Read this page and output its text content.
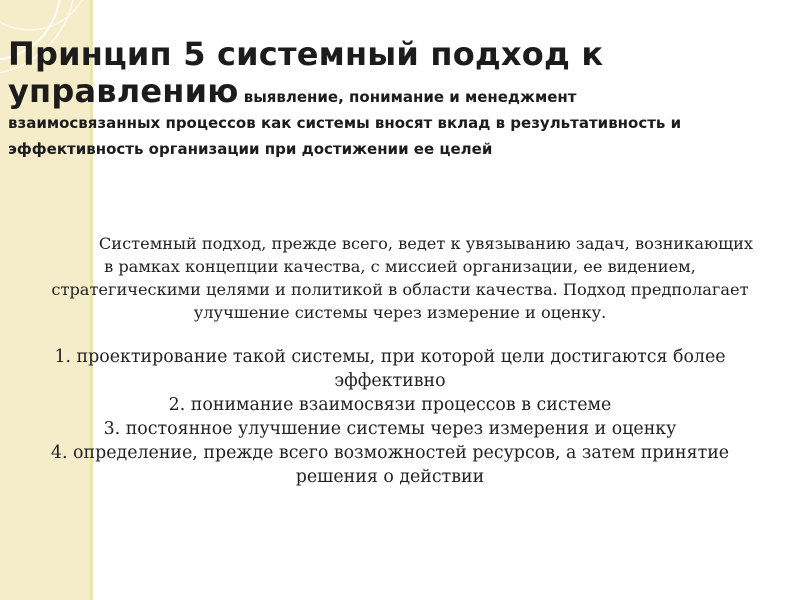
Принцип 5 системный подход к
управлению выявление, понимание и менеджмент
взаимосвязанных процессов как системы вносят вклад в результативность и эффективность организации при достижении ее целей

Системный подход, прежде всего, ведет к увязыванию задач, возникающих в рамках концепции качества, с миссией организации, ее видением, стратегическими целями и политикой в области качества. Подход предполагает улучшение системы через измерение и оценку.

1. проектирование такой системы, при которой цели достигаются более эффективно
2. понимание взаимосвязи процессов в системе
3. постоянное улучшение системы через измерения и оценку
4. определение, прежде всего возможностей ресурсов, а затем принятие решения о действии
